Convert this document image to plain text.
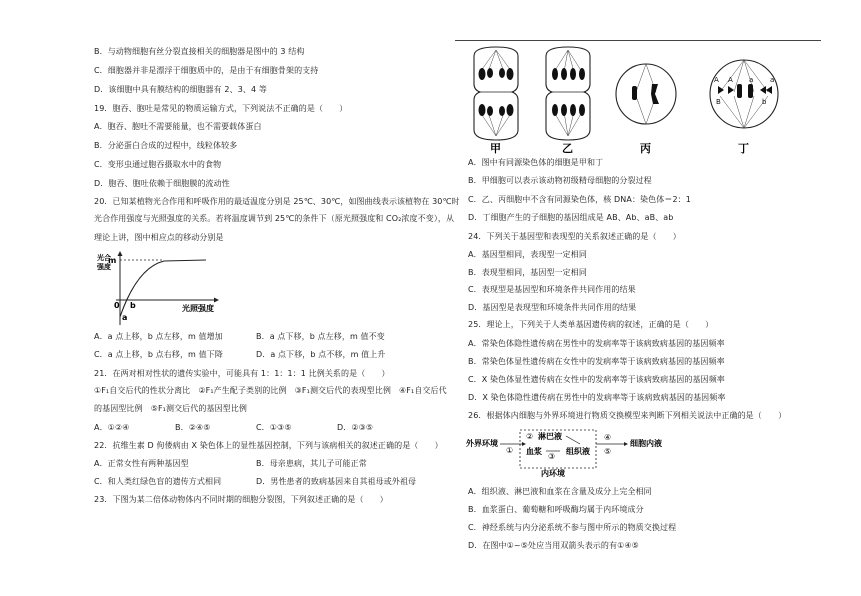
B．与动物细胞有丝分裂直接相关的细胞器是图中的 3 结构
C．细胞器并非是漂浮于细胞质中的，是由于有细胞骨架的支持
D．该细胞中具有膜结构的细胞器有 2、3、4 等
19．胞吞、胞吐是常见的物质运输方式，下列说法不正确的是（　　）
A．胞吞、胞吐不需要能量，也不需要载体蛋白
B．分泌蛋白合成的过程中，线粒体较多
C．变形虫通过胞吞摄取水中的食物
D．胞吞、胞吐依赖于细胞膜的流动性
20．已知某植物光合作用和呼吸作用的最适温度分别是 25℃、30℃，如图曲线表示该植物在 30℃时
光合作用强度与光照强度的关系。若将温度调节到 25℃的条件下（原光照强度和 CO₂浓度不变），从
理论上讲，图中相应点的移动分别是
光合
强度
m
0 b
a
光照强度
A．a 点上移，b 点左移，m 值增加	B．a 点下移，b 点左移，m 值不变
C．a 点上移，b 点右移，m 值下降	D．a 点下移，b 点不移，m 值上升
21．在两对相对性状的遗传实验中，可能具有 1：1：1：1 比例关系的是（　　）
①F₁自交后代的性状分离比　②F₁产生配子类别的比例　③F₁测交后代的表现型比例　④F₁自交后代
的基因型比例　⑤F₁测交后代的基因型比例
A．①②④	B．②④⑤	C．①③⑤	D．②③⑤
22．抗维生素 D 佝偻病由 X 染色体上的显性基因控制，下列与该病相关的叙述正确的是（　　）
A．正常女性有两种基因型	B．母亲患病，其儿子可能正常
C．和人类红绿色盲的遗传方式相同	D．男性患者的致病基因来自其祖母或外祖母
23．下图为某二倍体动物体内不同时期的细胞分裂图，下列叙述正确的是（　　）
A
B
A a
b
a
甲	乙	丙	丁
A．图中有同源染色体的细胞是甲和丁
B．甲细胞可以表示该动物初级精母细胞的分裂过程
C．乙、丙细胞中不含有同源染色体，核 DNA：染色体＝2：1
D．丁细胞产生的子细胞的基因组成是 AB、Ab、aB、ab
24．下列关于基因型和表现型的关系叙述正确的是（　　）
A．基因型相同，表现型一定相同
B．表现型相同，基因型一定相同
C．表现型是基因型和环境条件共同作用的结果
D．基因型是表现型和环境条件共同作用的结果
25．理论上，下列关于人类单基因遗传病的叙述，正确的是（　　）
A．常染色体隐性遗传病在男性中的发病率等于该病致病基因的基因频率
B．常染色体显性遗传病在女性中的发病率等于该病致病基因的基因频率
C．X 染色体显性遗传病在女性中的发病率等于该病致病基因的基因频率
D．X 染色体隐性遗传病在男性中的发病率等于该病致病基因的基因频率
26．根据体内细胞与外界环境进行物质交换模型来判断下列相关说法中正确的是（　　）
外界环境
①
② 淋巴液
血浆
③
组织液
内环境
④
⑤
细胞内液
A．组织液、淋巴液和血浆在含量及成分上完全相同
B．血浆蛋白、葡萄糖和呼吸酶均属于内环境成分
C．神经系统与内分泌系统不参与图中所示的物质交换过程
D．在图中①~⑤处应当用双箭头表示的有①④⑤
